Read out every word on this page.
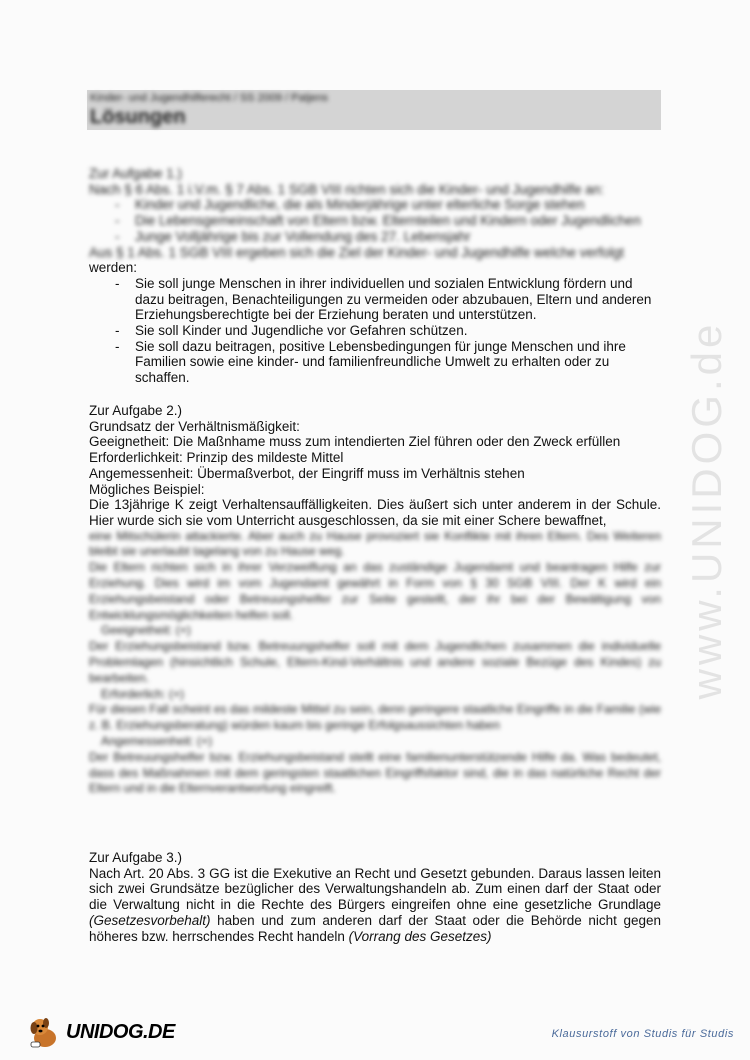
Kinder- und Jugendhilferecht / SS 2009 / Patjens
Lösungen
www.UNIDOG.de

Zur Aufgabe 1.)

Nach § 6 Abs. 1 i.V.m. § 7 Abs. 1 SGB VIII richten sich die Kinder- und Jugendhilfe an:

- Kinder und Jugendliche, die als Minderjährige unter elterliche Sorge stehen
- Die Lebensgemeinschaft von Eltern bzw. Elternteilen und Kindern oder Jugendlichen
- Junge Volljährige bis zur Vollendung des 27. Lebensjahr

Aus § 1 Abs. 1 SGB VIII ergeben sich die Ziel der Kinder- und Jugendhilfe welche verfolgt

werden:

- Sie soll junge Menschen in ihrer individuellen und sozialen Entwicklung fördern und dazu beitragen, Benachteiligungen zu vermeiden oder abzubauen, Eltern und anderen Erziehungsberechtigte bei der Erziehung beraten und unterstützen.
- Sie soll Kinder und Jugendliche vor Gefahren schützen.
- Sie soll dazu beitragen, positive Lebensbedingungen für junge Menschen und ihre Familien sowie eine kinder- und familienfreundliche Umwelt zu erhalten oder zu schaffen.

Zur Aufgabe 2.)

Grundsatz der Verhältnismäßigkeit:

Geeignetheit: Die Maßnhame muss zum intendierten Ziel führen oder den Zweck erfüllen

Erforderlichkeit: Prinzip des mildeste Mittel

Angemessenheit: Übermaßverbot, der Eingriff muss im Verhältnis stehen

Mögliches Beispiel:

Die 13jährige K zeigt Verhaltensauffälligkeiten. Dies äußert sich unter anderem in der Schule. Hier wurde sich sie vom Unterricht ausgeschlossen, da sie mit einer Schere bewaffnet,

eine Mitschülerin attackierte. Aber auch zu Hause provoziert sie Konflikte mit ihren Eltern. Des Weiteren bleibt sie unerlaubt tagelang von zu Hause weg.

Die Eltern richten sich in ihrer Verzweiflung an das zuständige Jugendamt und beantragen Hilfe zur Erziehung. Dies wird im vom Jugendamt gewährt in Form von § 30 SGB VIII. Der K wird ein Erziehungsbeistand oder Betreuungshelfer zur Seite gestellt, der ihr bei der Bewältigung von Entwicklungsmöglichkeiten helfen soll.

Geeignetheit: (+)

Der Erziehungsbeistand bzw. Betreuungshelfer soll mit dem Jugendlichen zusammen die individuelle Problemlagen (hinsichtlich Schule, Eltern-Kind-Verhältnis und andere soziale Bezüge des Kindes) zu bearbeiten.

Erforderlich: (+)

Für diesen Fall scheint es das mildeste Mittel zu sein, denn geringere staatliche Eingriffe in die Familie (wie z. B. Erziehungsberatung) würden kaum bis geringe Erfolgsaussichten haben

Angemessenheit: (+)

Der Betreuungshelfer bzw. Erziehungsbeistand stellt eine familienunterstützende Hilfe da. Was bedeutet, dass des Maßnahmen mit dem geringsten staatlichen Eingriffsfaktor sind, die in das natürliche Recht der Eltern und in die Elternverantwortung eingreift.

Zur Aufgabe 3.)

Nach Art. 20 Abs. 3 GG ist die Exekutive an Recht und Gesetzt gebunden. Daraus lassen leiten sich zwei Grundsätze bezüglicher des Verwaltungshandeln ab. Zum einen darf der Staat oder die Verwaltung nicht in die Rechte des Bürgers eingreifen ohne eine gesetzliche Grundlage (Gesetzesvorbehalt) haben und zum anderen darf der Staat oder die Behörde nicht gegen höheres bzw. herrschendes Recht handeln (Vorrang des Gesetzes)

UNIDOG.DE	Klausurstoff von Studis für Studis
